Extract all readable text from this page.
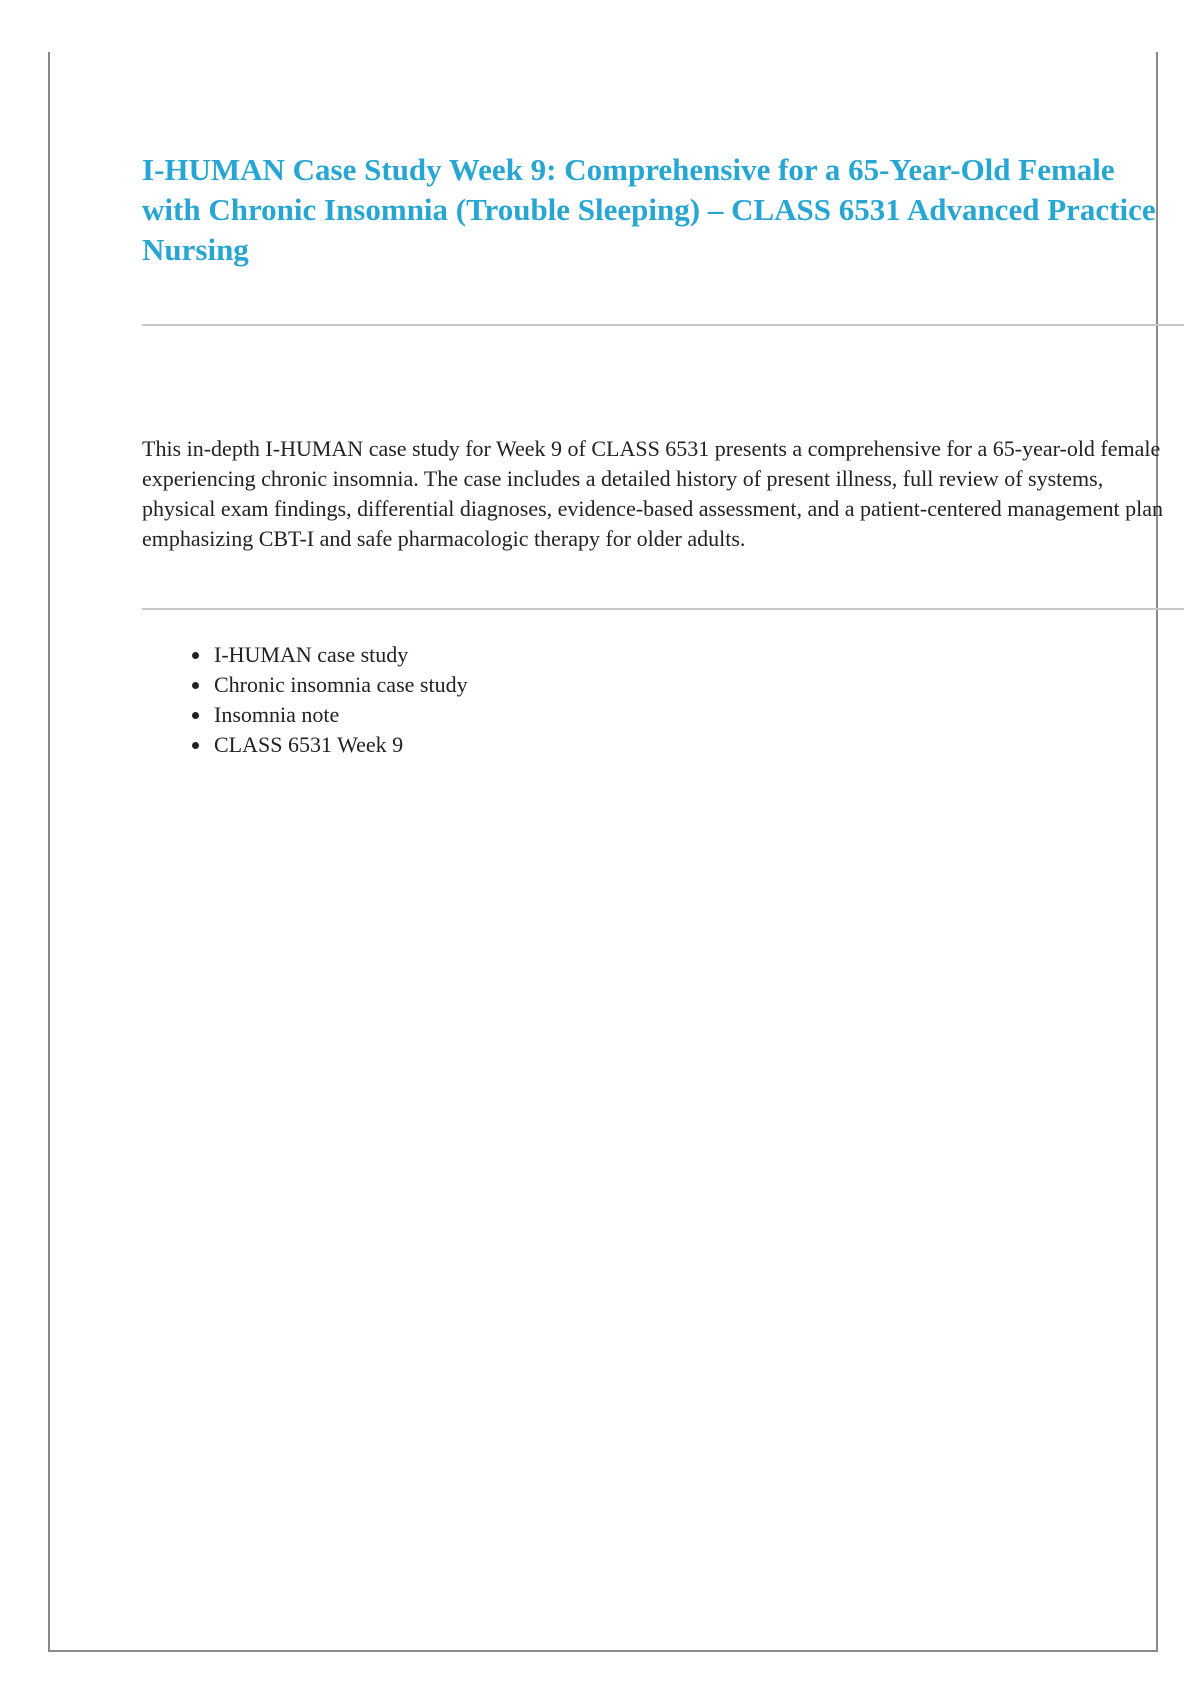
I-HUMAN Case Study Week 9: Comprehensive for a 65-Year-Old Female with Chronic Insomnia (Trouble Sleeping) – CLASS 6531 Advanced Practice Nursing

This in-depth I-HUMAN case study for Week 9 of CLASS 6531 presents a comprehensive for a 65-year-old female experiencing chronic insomnia. The case includes a detailed history of present illness, full review of systems, physical exam findings, differential diagnoses, evidence-based assessment, and a patient-centered management plan emphasizing CBT-I and safe pharmacologic therapy for older adults.

• I-HUMAN case study
• Chronic insomnia case study
• Insomnia note
• CLASS 6531 Week 9
